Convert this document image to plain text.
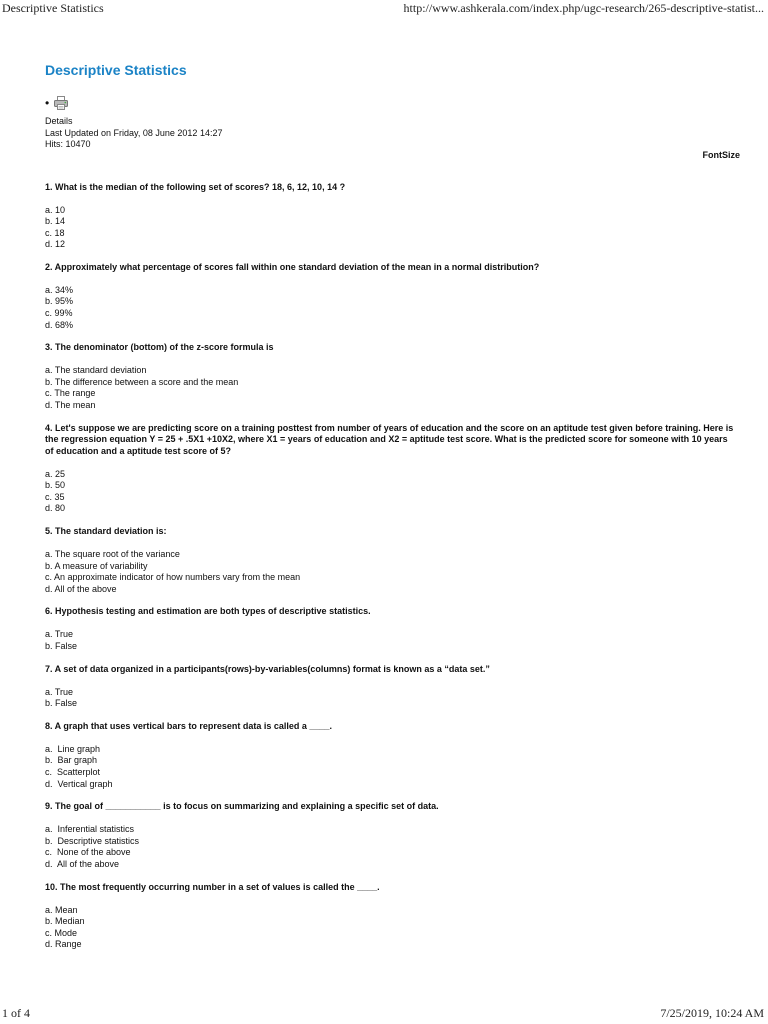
Descriptive Statistics	http://www.ashkerala.com/index.php/ugc-research/265-descriptive-statist...
Descriptive Statistics
•
Details
Last Updated on Friday, 08 June 2012 14:27
Hits: 10470
FontSize
1. What is the median of the following set of scores? 18, 6, 12, 10, 14 ?
a. 10
b. 14
c. 18
d. 12
2. Approximately what percentage of scores fall within one standard deviation of the mean in a normal distribution?
a. 34%
b. 95%
c. 99%
d. 68%
3. The denominator (bottom) of the z-score formula is
a. The standard deviation
b. The difference between a score and the mean
c. The range
d. The mean
4. Let's suppose we are predicting score on a training posttest from number of years of education and the score on an aptitude test given before training. Here is the regression equation Y = 25 + .5X1 +10X2, where X1 = years of education and X2 = aptitude test score. What is the predicted score for someone with 10 years of education and a aptitude test score of 5?
a. 25
b. 50
c. 35
d. 80
5. The standard deviation is:
a. The square root of the variance
b. A measure of variability
c. An approximate indicator of how numbers vary from the mean
d. All of the above
6. Hypothesis testing and estimation are both types of descriptive statistics.
a. True
b. False
7. A set of data organized in a participants(rows)-by-variables(columns) format is known as a “data set.”
a. True
b. False
8. A graph that uses vertical bars to represent data is called a ____.
a.  Line graph
b.  Bar graph
c.  Scatterplot
d.  Vertical graph
9. The goal of ___________ is to focus on summarizing and explaining a specific set of data.
a.  Inferential statistics
b.  Descriptive statistics
c.  None of the above
d.  All of the above
10. The most frequently occurring number in a set of values is called the ____.
a. Mean
b. Median
c. Mode
d. Range
1 of 4	7/25/2019, 10:24 AM
